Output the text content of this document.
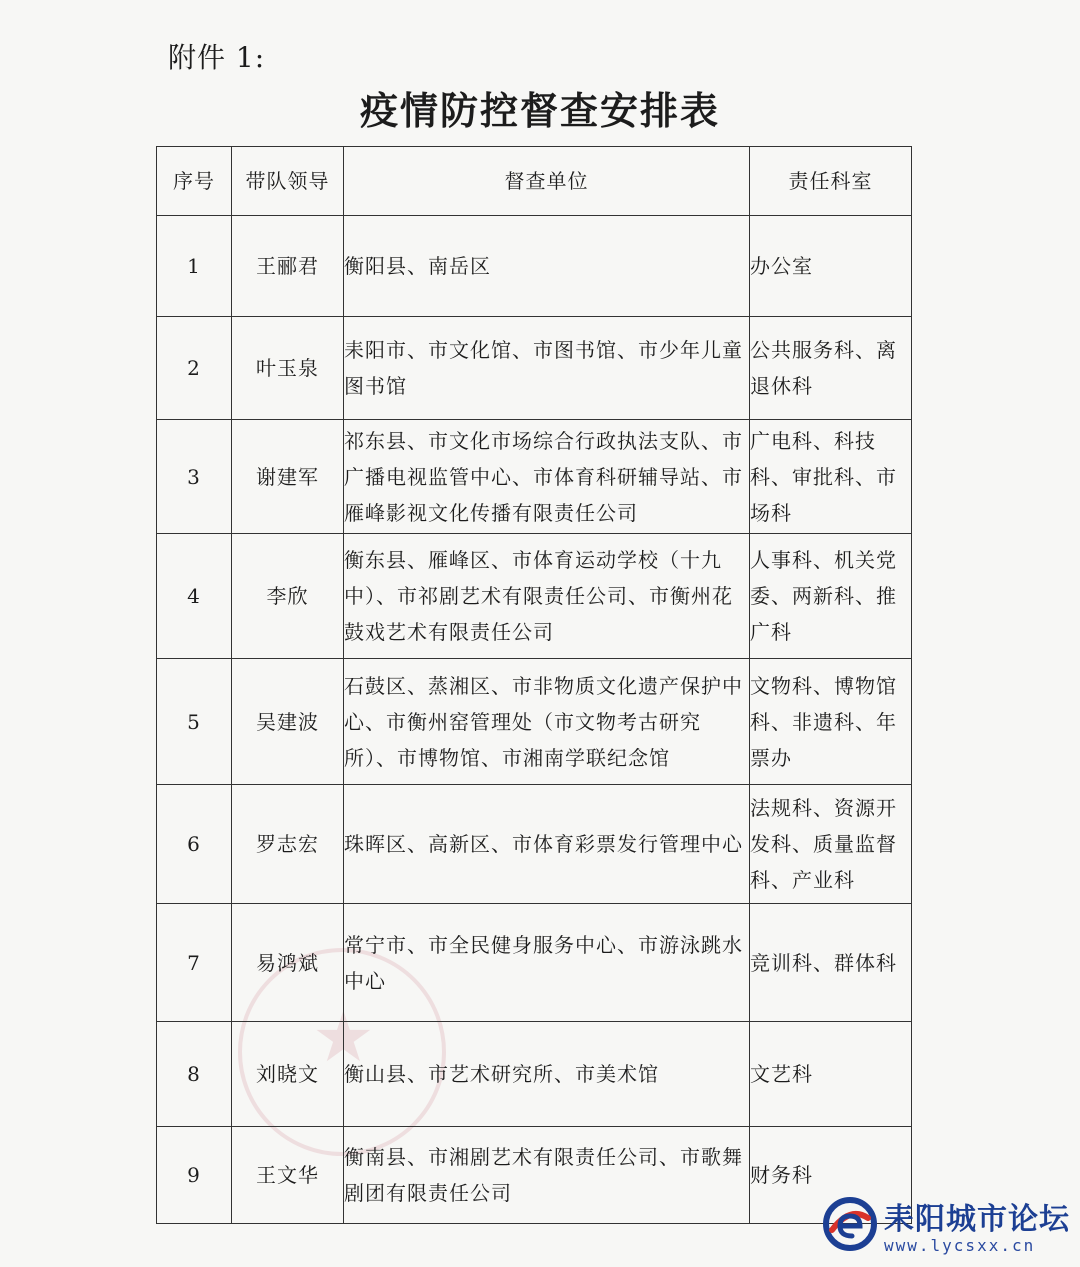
附件 1:
疫情防控督查安排表
★
序号	带队领导	督查单位	责任科室
1	王郦君	衡阳县、南岳区	办公室
2	叶玉泉	耒阳市、市文化馆、市图书馆、市少年儿童图书馆	公共服务科、离退休科
3	谢建军	祁东县、市文化市场综合行政执法支队、市广播电视监管中心、市体育科研辅导站、市雁峰影视文化传播有限责任公司	广电科、科技科、审批科、市场科
4	李欣	衡东县、雁峰区、市体育运动学校（十九中）、市祁剧艺术有限责任公司、市衡州花鼓戏艺术有限责任公司	人事科、机关党委、两新科、推广科
5	吴建波	石鼓区、蒸湘区、市非物质文化遗产保护中心、市衡州窑管理处（市文物考古研究所）、市博物馆、市湘南学联纪念馆	文物科、博物馆科、非遗科、年票办
6	罗志宏	珠晖区、高新区、市体育彩票发行管理中心	法规科、资源开发科、质量监督科、产业科
7	易鸿斌	常宁市、市全民健身服务中心、市游泳跳水中心	竞训科、群体科
8	刘晓文	衡山县、市艺术研究所、市美术馆	文艺科
9	王文华	衡南县、市湘剧艺术有限责任公司、市歌舞剧团有限责任公司	财务科
耒阳城市论坛
www.lycsxx.cn
